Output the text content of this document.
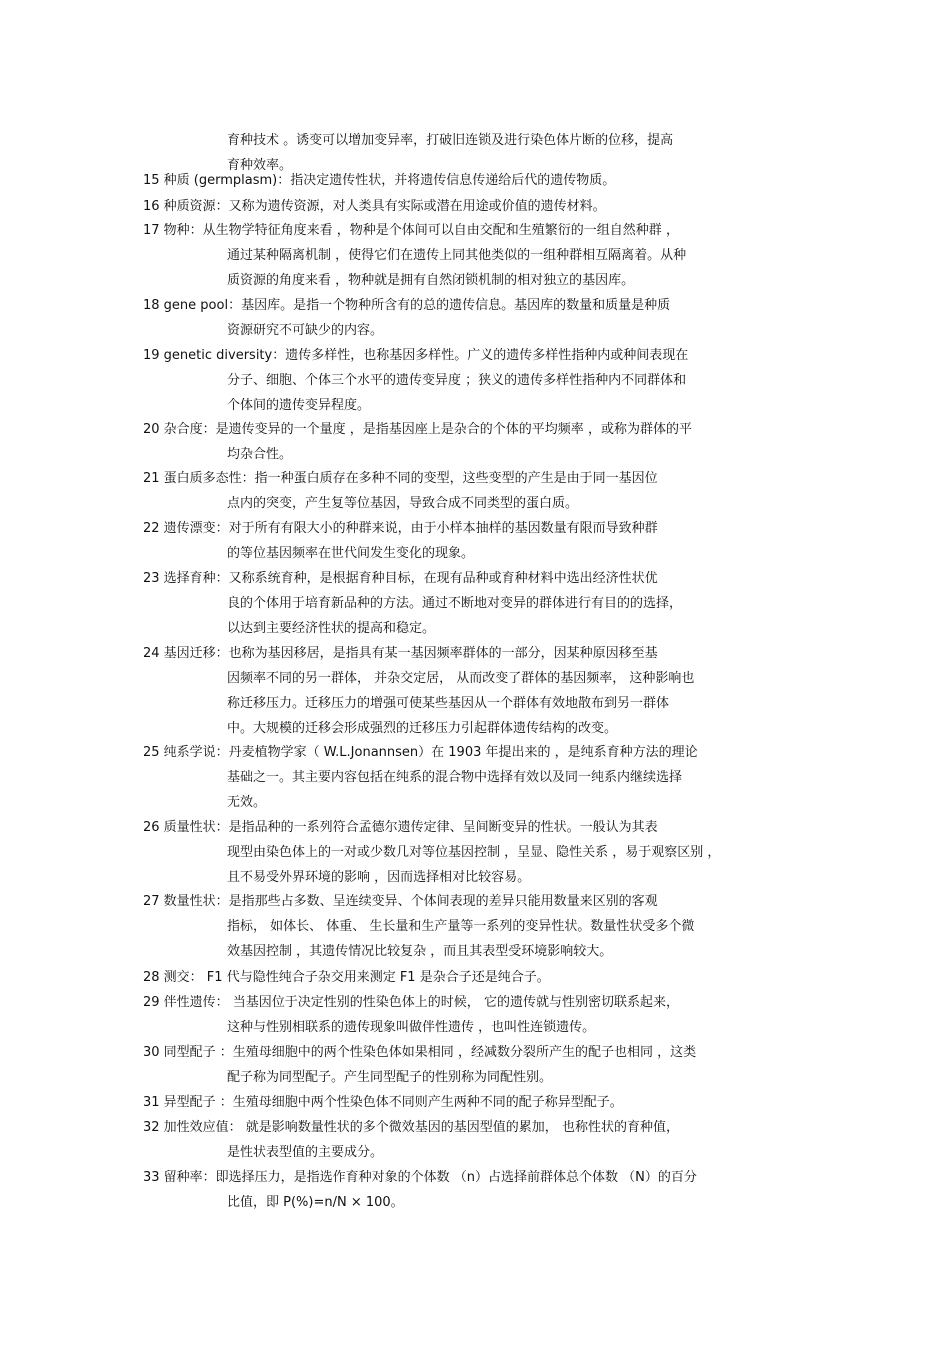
育种技术 。诱变可以增加变异率，打破旧连锁及进行染色体片断的位移，提高
育种效率。
15 种质 (germplasm)：指决定遗传性状，并将遗传信息传递给后代的遗传物质。
16 种质资源：又称为遗传资源，对人类具有实际或潜在用途或价值的遗传材料。
17 物种：从生物学特征角度来看 ，物种是个体间可以自由交配和生殖繁衍的一组自然种群 ，
通过某种隔离机制 ，使得它们在遗传上同其他类似的一组种群相互隔离着。从种
质资源的角度来看 ，物种就是拥有自然闭锁机制的相对独立的基因库。
18 gene pool：基因库。是指一个物种所含有的总的遗传信息。基因库的数量和质量是种质
资源研究不可缺少的内容。
19 genetic diversity：遗传多样性，也称基因多样性。广义的遗传多样性指种内或种间表现在
分子、细胞、个体三个水平的遗传变异度 ；狭义的遗传多样性指种内不同群体和
个体间的遗传变异程度。
20 杂合度：是遗传变异的一个量度 ，是指基因座上是杂合的个体的平均频率 ，或称为群体的平
均杂合性。
21 蛋白质多态性：指一种蛋白质存在多种不同的变型，这些变型的产生是由于同一基因位
点内的突变，产生复等位基因，导致合成不同类型的蛋白质。
22 遗传漂变：对于所有有限大小的种群来说，由于小样本抽样的基因数量有限而导致种群
的等位基因频率在世代间发生变化的现象。
23 选择育种：又称系统育种，是根据育种目标，在现有品种或育种材料中选出经济性状优
良的个体用于培育新品种的方法。通过不断地对变异的群体进行有目的的选择，
以达到主要经济性状的提高和稳定。
24 基因迁移：也称为基因移居，是指具有某一基因频率群体的一部分，因某种原因移至基
因频率不同的另一群体， 并杂交定居， 从而改变了群体的基因频率， 这种影响也
称迁移压力。迁移压力的增强可使某些基因从一个群体有效地散布到另一群体
中。大规模的迁移会形成强烈的迁移压力引起群体遗传结构的改变。
25 纯系学说：丹麦植物学家（ W.L.Jonannsen）在 1903 年提出来的 ，是纯系育种方法的理论
基础之一。其主要内容包括在纯系的混合物中选择有效以及同一纯系内继续选择
无效。
26 质量性状：是指品种的一系列符合孟德尔遗传定律、呈间断变异的性状。一般认为其表
现型由染色体上的一对或少数几对等位基因控制 ，呈显、隐性关系 ，易于观察区别 ，
且不易受外界环境的影响 ，因而选择相对比较容易。
27 数量性状：是指那些占多数、呈连续变异、个体间表现的差异只能用数量来区别的客观
指标， 如体长、 体重、 生长量和生产量等一系列的变异性状。数量性状受多个微
效基因控制 ，其遗传情况比较复杂 ，而且其表型受环境影响较大。
28 测交： F1 代与隐性纯合子杂交用来测定 F1 是杂合子还是纯合子。
29 伴性遗传： 当基因位于决定性别的性染色体上的时候， 它的遗传就与性别密切联系起来，
这种与性别相联系的遗传现象叫做伴性遗传 ，也叫性连锁遗传。
30 同型配子 ：生殖母细胞中的两个性染色体如果相同 ，经减数分裂所产生的配子也相同 ，这类
配子称为同型配子。产生同型配子的性别称为同配性别。
31 异型配子 ：生殖母细胞中两个性染色体不同则产生两种不同的配子称异型配子。
32 加性效应值： 就是影响数量性状的多个微效基因的基因型值的累加， 也称性状的育种值，
是性状表型值的主要成分。
33 留种率：即选择压力，是指选作育种对象的个体数 （n）占选择前群体总个体数 （N）的百分
比值，即 P(%)=n/N × 100。
